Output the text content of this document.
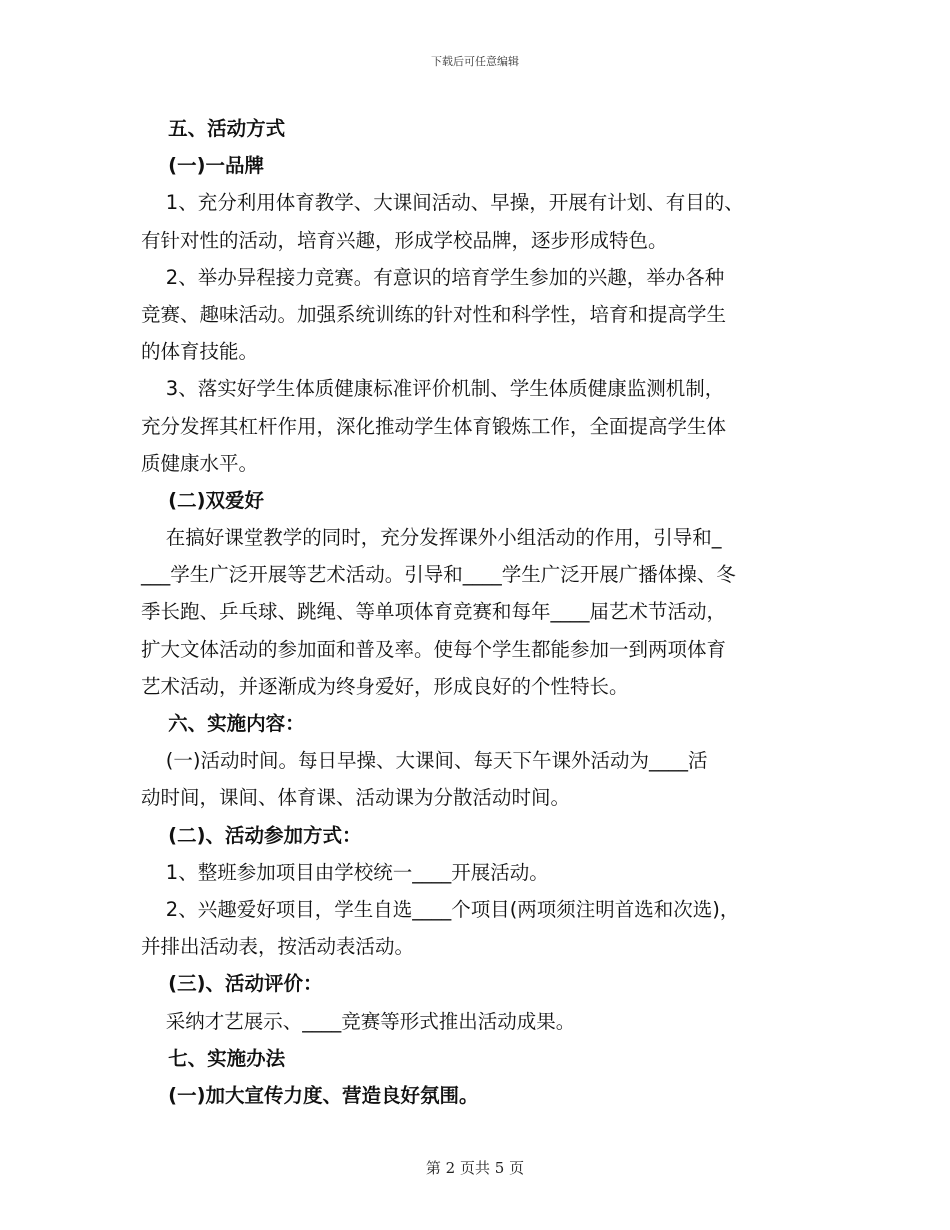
下载后可任意编辑
五、活动方式
(一)一品牌
1、充分利用体育教学、大课间活动、早操，开展有计划、有目的、
有针对性的活动，培育兴趣，形成学校品牌，逐步形成特色。
2、举办异程接力竞赛。有意识的培育学生参加的兴趣，举办各种
竞赛、趣味活动。加强系统训练的针对性和科学性，培育和提高学生
的体育技能。
3、落实好学生体质健康标准评价机制、学生体质健康监测机制，
充分发挥其杠杆作用，深化推动学生体育锻炼工作，全面提高学生体
质健康水平。
(二)双爱好
在搞好课堂教学的同时，充分发挥课外小组活动的作用，引导和_
___学生广泛开展等艺术活动。引导和____学生广泛开展广播体操、冬
季长跑、乒乓球、跳绳、等单项体育竞赛和每年____届艺术节活动，
扩大文体活动的参加面和普及率。使每个学生都能参加一到两项体育
艺术活动，并逐渐成为终身爱好，形成良好的个性特长。
六、实施内容：
(一)活动时间。每日早操、大课间、每天下午课外活动为____活
动时间，课间、体育课、活动课为分散活动时间。
(二)、活动参加方式：
1、整班参加项目由学校统一____开展活动。
2、兴趣爱好项目，学生自选____个项目(两项须注明首选和次选)，
并排出活动表，按活动表活动。
(三)、活动评价：
采纳才艺展示、____竞赛等形式推出活动成果。
七、实施办法
(一)加大宣传力度、营造良好氛围。
第 2 页共 5 页
